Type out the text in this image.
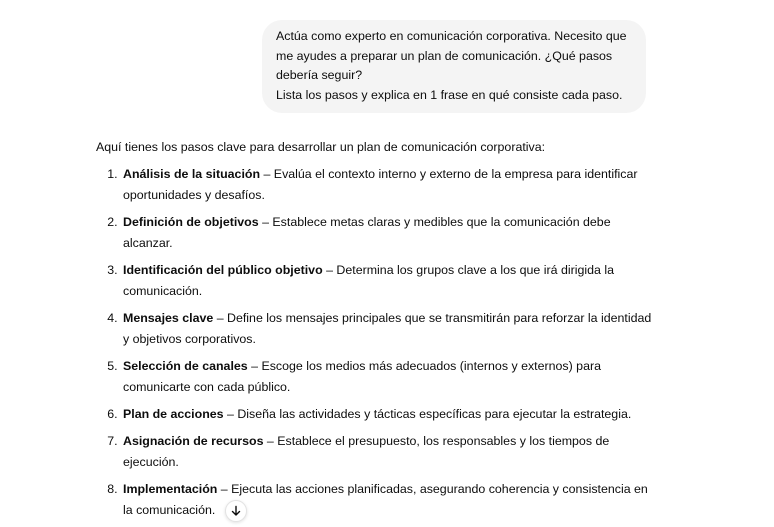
Actúa como experto en comunicación corporativa. Necesito que
me ayudes a preparar un plan de comunicación. ¿Qué pasos
debería seguir?
Lista los pasos y explica en 1 frase en qué consiste cada paso.

Aquí tienes los pasos clave para desarrollar un plan de comunicación corporativa:

1. Análisis de la situación – Evalúa el contexto interno y externo de la empresa para identificar oportunidades y desafíos.
2. Definición de objetivos – Establece metas claras y medibles que la comunicación debe alcanzar.
3. Identificación del público objetivo – Determina los grupos clave a los que irá dirigida la comunicación.
4. Mensajes clave – Define los mensajes principales que se transmitirán para reforzar la identidad y objetivos corporativos.
5. Selección de canales – Escoge los medios más adecuados (internos y externos) para comunicarte con cada público.
6. Plan de acciones – Diseña las actividades y tácticas específicas para ejecutar la estrategia.
7. Asignación de recursos – Establece el presupuesto, los responsables y los tiempos de ejecución.
8. Implementación – Ejecuta las acciones planificadas, asegurando coherencia y consistencia en la comunicación.
